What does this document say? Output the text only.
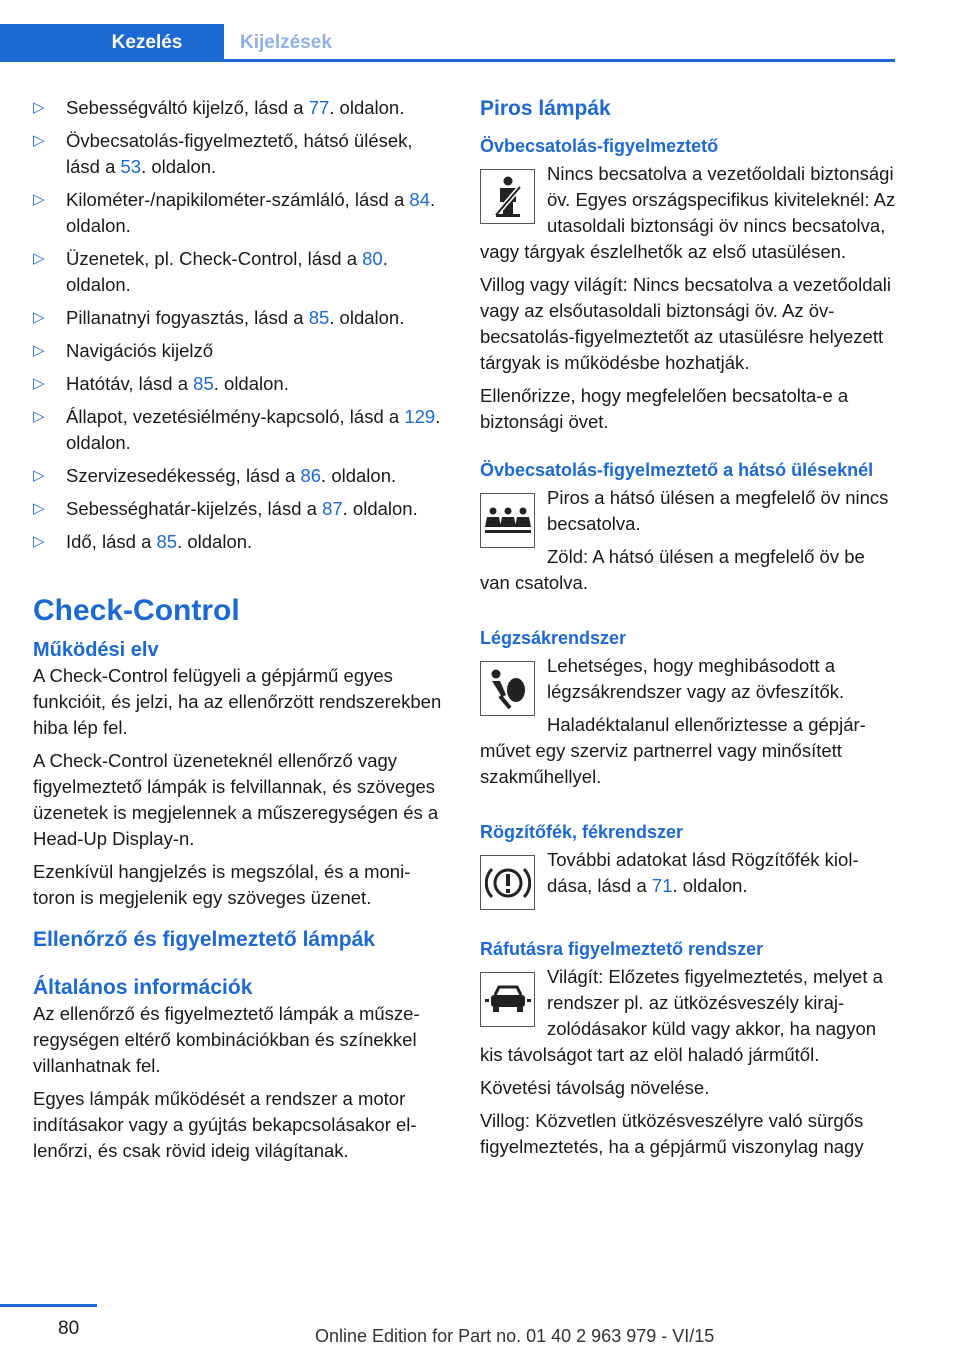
Kezelés	Kijelzések
▷ Sebességváltó kijelző, lásd a 77. oldalon.
▷ Övbecsatolás-figyelmeztető, hátsó ülések, lásd a 53. oldalon.
▷ Kilométer-/napikilométer-számláló, lásd a 84. oldalon.
▷ Üzenetek, pl. Check-Control, lásd a 80. oldalon.
▷ Pillanatnyi fogyasztás, lásd a 85. oldalon.
▷ Navigációs kijelző
▷ Hatótáv, lásd a 85. oldalon.
▷ Állapot, vezetésiélmény-kapcsoló, lásd a 129. oldalon.
▷ Szervizesedékesség, lásd a 86. oldalon.
▷ Sebességhatár-kijelzés, lásd a 87. oldalon.
▷ Idő, lásd a 85. oldalon.
Check-Control
Működési elv

A Check-Control felügyeli a gépjármű egyes funkcióit, és jelzi, ha az ellenőrzött rendszerekben hiba lép fel.

A Check-Control üzeneteknél ellenőrző vagy figyelmeztető lámpák is felvillannak, és szöveges üzenetek is megjelennek a műszeregységen és a Head-Up Display-n.

Ezenkívül hangjelzés is megszólal, és a monitoron is megjelenik egy szöveges üzenet.

Ellenőrző és figyelmeztető lámpák
Általános információk

Az ellenőrző és figyelmeztető lámpák a műszeregységen eltérő kombinációkban és színekkel villanhatnak fel.

Egyes lámpák működését a rendszer a motor indításakor vagy a gyújtás bekapcsolásakor ellenőrzi, és csak rövid ideig világítanak.

Piros lámpák
Övbecsatolás-figyelmeztető

Nincs becsatolva a vezetőoldali biztonsági öv. Egyes országspecifikus kiviteleknél: Az utasoldali biztonsági öv nincs becsatolva, vagy tárgyak észlelhetők az első utasülésen.

Villog vagy világít: Nincs becsatolva a vezetőoldali vagy az elsőutasoldali biztonsági öv. Az övbecsatolás-figyelmeztetőt az utasülésre helyezett tárgyak is működésbe hozhatják.

Ellenőrizze, hogy megfelelően becsatolta-e a biztonsági övet.

Övbecsatolás-figyelmeztető a hátsó üléseknél

Piros a hátsó ülésen a megfelelő öv nincs becsatolva.

Zöld: A hátsó ülésen a megfelelő öv be van csatolva.

Légzsákrendszer

Lehetséges, hogy meghibásodott a légzsákrendszer vagy az övfeszítők.

Haladéktalanul ellenőriztesse a gépjárművet egy szerviz partnerrel vagy minősített szakműhellyel.

Rögzítőfék, fékrendszer

További adatokat lásd Rögzítőfék kioldása, lásd a 71. oldalon.

Ráfutásra figyelmeztető rendszer

Világít: Előzetes figyelmeztetés, melyet a rendszer pl. az ütközésveszély kirajzolódásakor küld vagy akkor, ha nagyon kis távolságot tart az elöl haladó járműtől.

Követési távolság növelése.

Villog: Közvetlen ütközésveszélyre való sürgős figyelmeztetés, ha a gépjármű viszonylag nagy

80	Online Edition for Part no. 01 40 2 963 979 - VI/15
